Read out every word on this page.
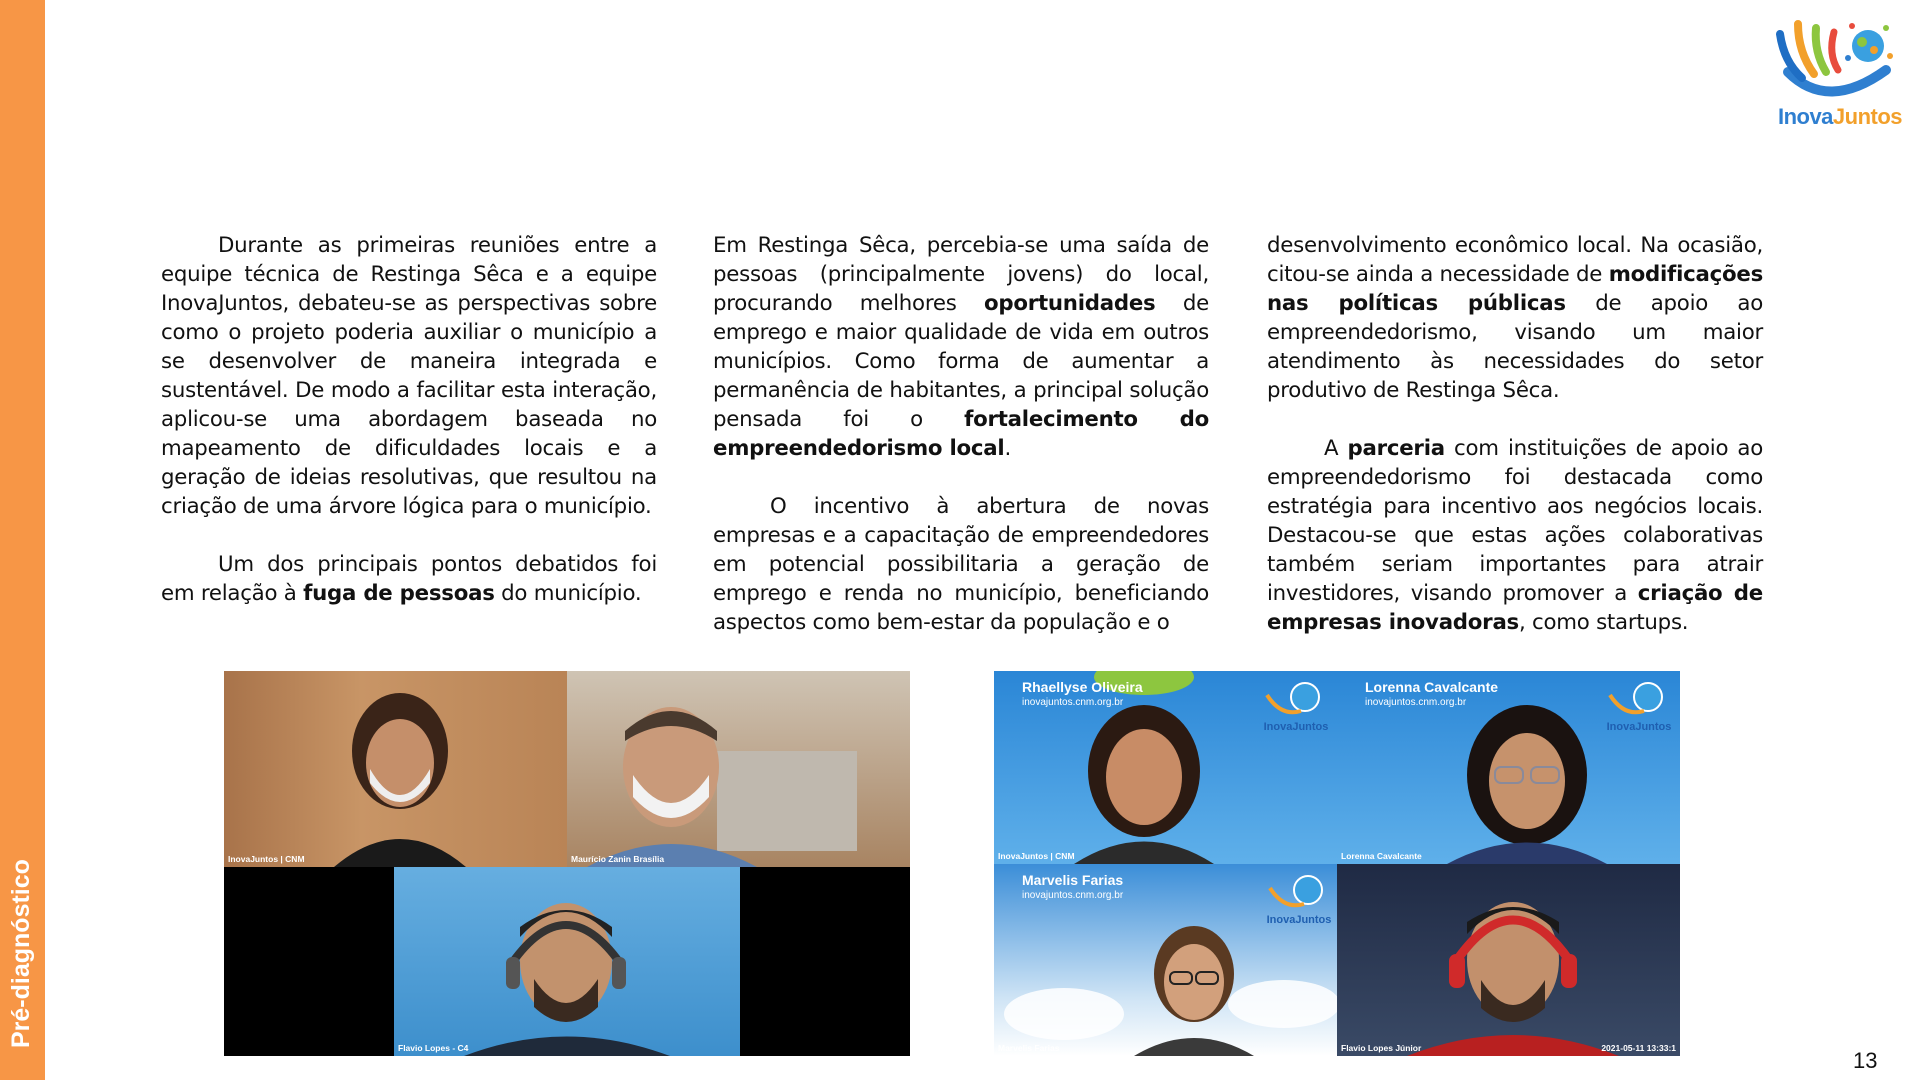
Pré-diagnóstico
InovaJuntos

Durante as primeiras reuniões entre a equipe técnica de Restinga Sêca e a equipe InovaJuntos, debateu-se as perspectivas sobre como o projeto poderia auxiliar o município a se desenvolver de maneira integrada e sustentável. De modo a facilitar esta interação, aplicou-se uma abordagem baseada no mapeamento de dificuldades locais e a geração de ideias resolutivas, que resultou na criação de uma árvore lógica para o município.

Um dos principais pontos debatidos foi em relação à fuga de pessoas do município.

Em Restinga Sêca, percebia-se uma saída de pessoas (principalmente jovens) do local, procurando melhores oportunidades de emprego e maior qualidade de vida em outros municípios. Como forma de aumentar a permanência de habitantes, a principal solução pensada foi o fortalecimento do empreendedorismo local.

O incentivo à abertura de novas empresas e a capacitação de empreendedores em potencial possibilitaria a geração de emprego e renda no município, beneficiando aspectos como bem-estar da população e o

desenvolvimento econômico local. Na ocasião, citou-se ainda a necessidade de modificações nas políticas públicas de apoio ao empreendedorismo, visando um maior atendimento às necessidades do setor produtivo de Restinga Sêca.

A parceria com instituições de apoio ao empreendedorismo foi destacada como estratégia para incentivo aos negócios locais. Destacou-se que estas ações colaborativas também seriam importantes para atrair investidores, visando promover a criação de empresas inovadoras, como startups.

InovaJuntos | CNM	Maurício Zanin Brasília
Flavio Lopes - C4
Rhaellyse Oliveira
inovajuntos.cnm.org.br
InovaJuntos
InovaJuntos | CNM
Lorenna Cavalcante
inovajuntos.cnm.org.br
InovaJuntos
Lorenna Cavalcante
Marvelis Farias
inovajuntos.cnm.org.br
InovaJuntos
Marvelis Farias	Flavio Lopes Júnior	2021-05-11 13:33:1	13
